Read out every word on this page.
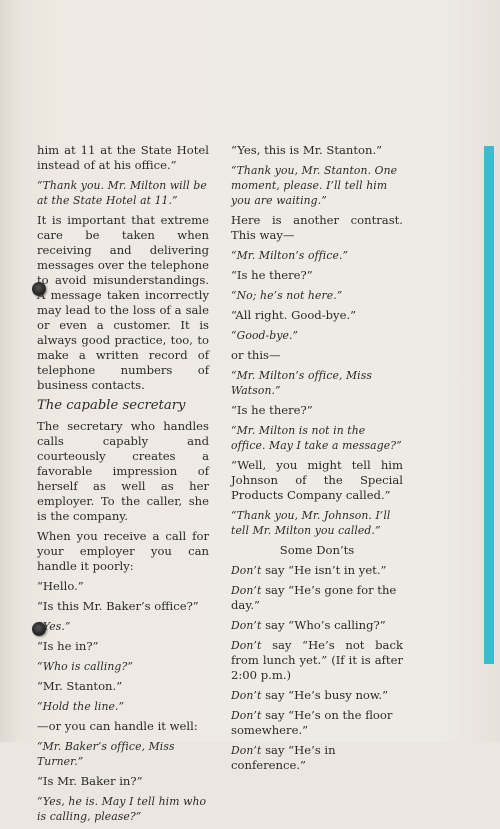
him at 11 at the State Hotel instead of at his office.”

“Thank you. Mr. Milton will be at the State Hotel at 11.”

It is important that extreme care be taken when receiving and delivering messages over the telephone to avoid misunderstandings. A message taken incorrectly may lead to the loss of a sale or even a customer. It is always good practice, too, to make a written record of telephone numbers of business contacts.

The capable secretary

The secretary who handles calls capably and courteously creates a favorable impression of herself as well as her employer. To the caller, she is the company.

When you receive a call for your employer you can handle it poorly:

“Hello.”

“Is this Mr. Baker’s office?”

“Yes.”

“Is he in?”

“Who is calling?”

“Mr. Stanton.”

“Hold the line.”

—or you can handle it well:

“Mr. Baker’s office, Miss Turner.”

“Is Mr. Baker in?”

“Yes, he is. May I tell him who is calling, please?”

“Yes, this is Mr. Stanton.”

“Thank you, Mr. Stanton. One moment, please. I’ll tell him you are waiting.”

Here is another contrast. This way—

“Mr. Milton’s office.”

“Is he there?”

“No; he’s not here.”

“All right. Good-bye.”

“Good-bye.”

or this—

“Mr. Milton’s office, Miss Watson.”

“Is he there?”

“Mr. Milton is not in the office. May I take a message?”

“Well, you might tell him Johnson of the Special Products Company called.”

“Thank you, Mr. Johnson. I’ll tell Mr. Milton you called.”

Some Don’ts

Don’t say “He isn’t in yet.”

Don’t say “He’s gone for the day.”

Don’t say “Who’s calling?”

Don’t say “He’s not back from lunch yet.” (If it is after 2:00 p.m.)

Don’t say “He’s busy now.”

Don’t say “He’s on the floor somewhere.”

Don’t say “He’s in conference.”
